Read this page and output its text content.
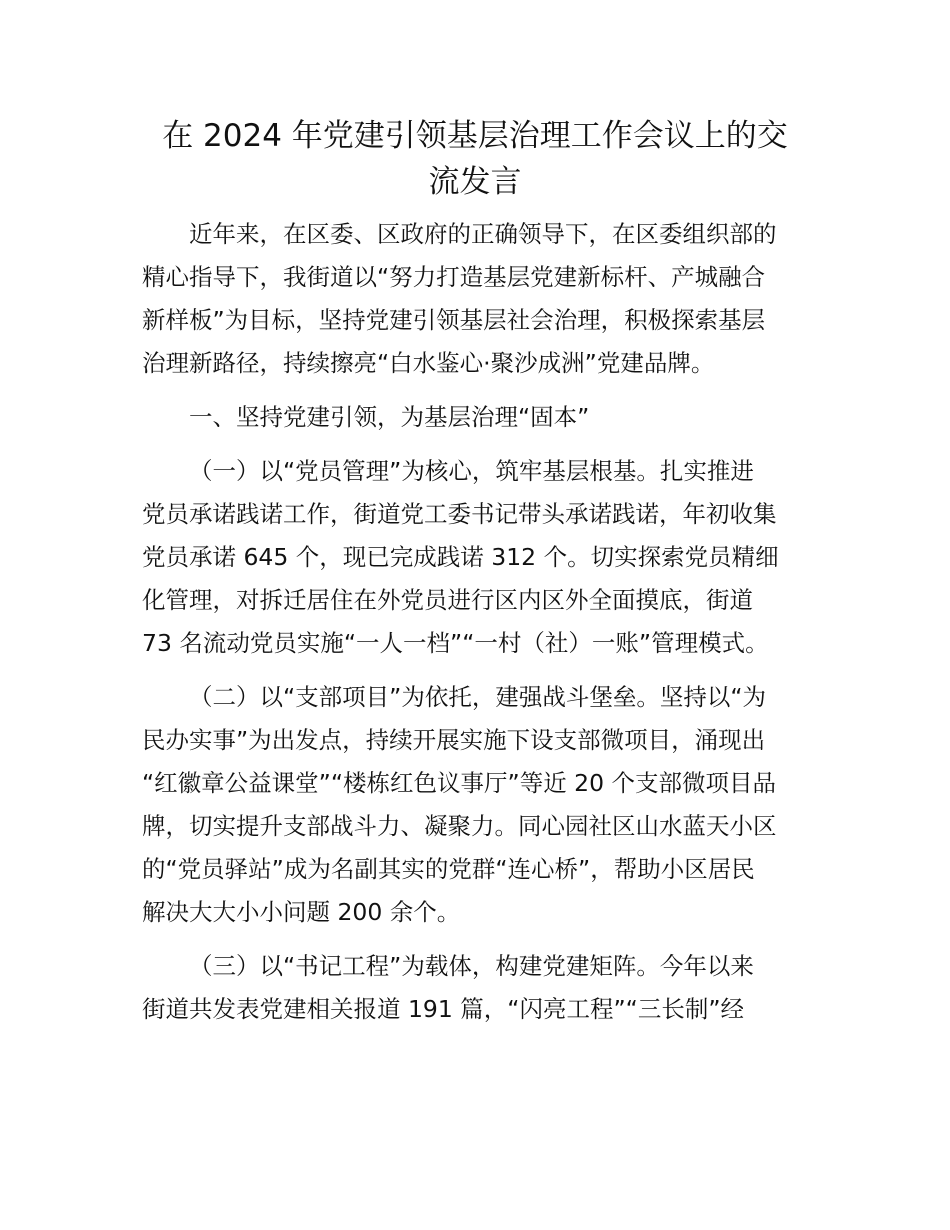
在 2024 年党建引领基层治理工作会议上的交
流发言

近年来，在区委、区政府的正确领导下，在区委组织部的

精心指导下，我街道以“努力打造基层党建新标杆、产城融合

新样板”为目标，坚持党建引领基层社会治理，积极探索基层

治理新路径，持续擦亮“白水鉴心·聚沙成洲”党建品牌。

一、坚持党建引领，为基层治理“固本”

（一）以“党员管理”为核心，筑牢基层根基。扎实推进

党员承诺践诺工作，街道党工委书记带头承诺践诺，年初收集

党员承诺 645 个，现已完成践诺 312 个。切实探索党员精细

化管理，对拆迁居住在外党员进行区内区外全面摸底，街道

73 名流动党员实施“一人一档”“一村（社）一账”管理模式。

（二）以“支部项目”为依托，建强战斗堡垒。坚持以“为

民办实事”为出发点，持续开展实施下设支部微项目，涌现出

“红徽章公益课堂”“楼栋红色议事厅”等近 20 个支部微项目品

牌，切实提升支部战斗力、凝聚力。同心园社区山水蓝天小区

的“党员驿站”成为名副其实的党群“连心桥”，帮助小区居民

解决大大小小问题 200 余个。

（三）以“书记工程”为载体，构建党建矩阵。今年以来

街道共发表党建相关报道 191 篇，“闪亮工程”“三长制”经
